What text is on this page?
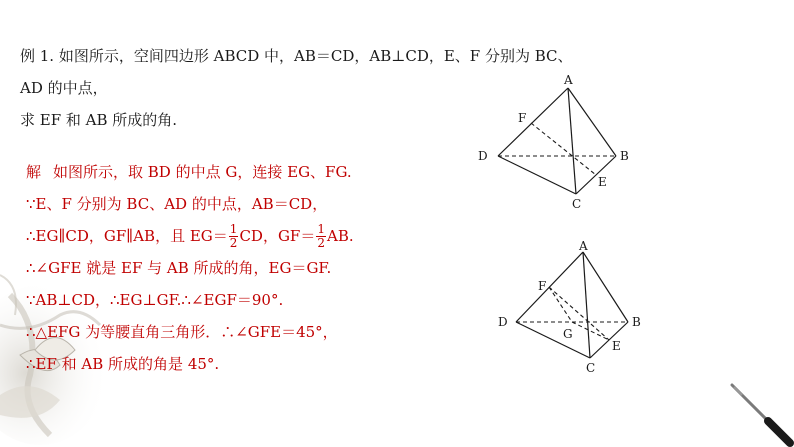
例 1. 如图所示，空间四边形 ABCD 中，AB＝CD，AB⊥CD，E、F 分别为 BC、AD 的中点，

求 EF 和 AB 所成的角.

解 如图所示，取 BD 的中点 G，连接 EG、FG.

∵E、F 分别为 BC、AD 的中点，AB＝CD，

∴EG∥CD，GF∥AB，且 $EG= \frac{1}{2}$ CD，$GF= \frac{1}{2}$ AB.

∴∠GFE 就是 EF 与 AB 所成的角，EG＝GF.

∵AB⊥CD，∴EG⊥GF.∴∠EGF＝90°.

∴△EFG 为等腰直角三角形．∴∠GFE＝45°，

∴EF 和 AB 所成的角是 45°.

A
B
C
D
E
F
A
B
C
D
E
F
G
